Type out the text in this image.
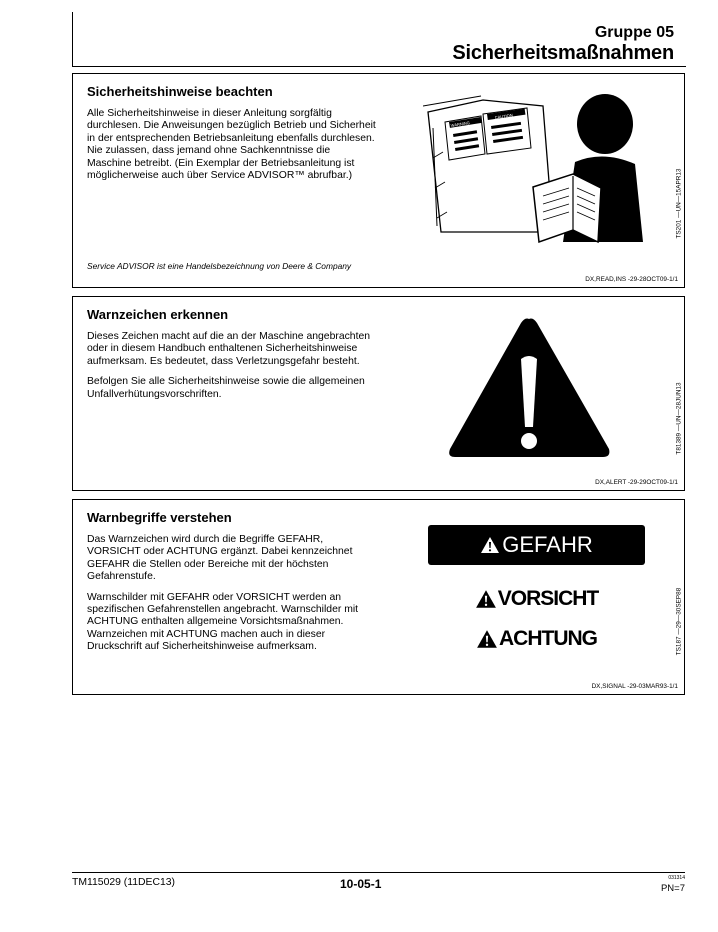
Gruppe 05
Sicherheitsmaßnahmen
Sicherheitshinweise beachten

Alle Sicherheitshinweise in dieser Anleitung sorgfältig durchlesen. Die Anweisungen bezüglich Betrieb und Sicherheit in der entsprechenden Betriebsanleitung ebenfalls durchlesen. Nie zulassen, dass jemand ohne Sachkenntnisse die Maschine betreibt. (Ein Exemplar der Betriebsanleitung ist möglicherweise auch über Service ADVISOR™ abrufbar.)

Service ADVISOR ist eine Handelsbezeichnung von Deere & Company
DX,READ,INS -29-28OCT09-1/1
WARNING
CAUTION
TS201 —UN—15APR13
Warnzeichen erkennen

Dieses Zeichen macht auf die an der Maschine angebrachten oder in diesem Handbuch enthaltenen Sicherheitshinweise aufmerksam. Es bedeutet, dass Verletzungsgefahr besteht.

Befolgen Sie alle Sicherheitshinweise sowie die allgemeinen Unfallverhütungsvorschriften.

DX,ALERT -29-29OCT09-1/1
T81389 —UN—28JUN13
Warnbegriffe verstehen

Das Warnzeichen wird durch die Begriffe GEFAHR, VORSICHT oder ACHTUNG ergänzt. Dabei kennzeichnet GEFAHR die Stellen oder Bereiche mit der höchsten Gefahrenstufe.

Warnschilder mit GEFAHR oder VORSICHT werden an spezifischen Gefahrenstellen angebracht. Warnschilder mit ACHTUNG enthalten allgemeine Vorsichtsmaßnahmen. Warnzeichen mit ACHTUNG machen auch in dieser Druckschrift auf Sicherheitshinweise aufmerksam.

DX,SIGNAL -29-03MAR93-1/1
GEFAHR
VORSICHT
ACHTUNG	TS187 —29—30SEP88
TM115029 (11DEC13)	10-05-1	031314
PN=7
